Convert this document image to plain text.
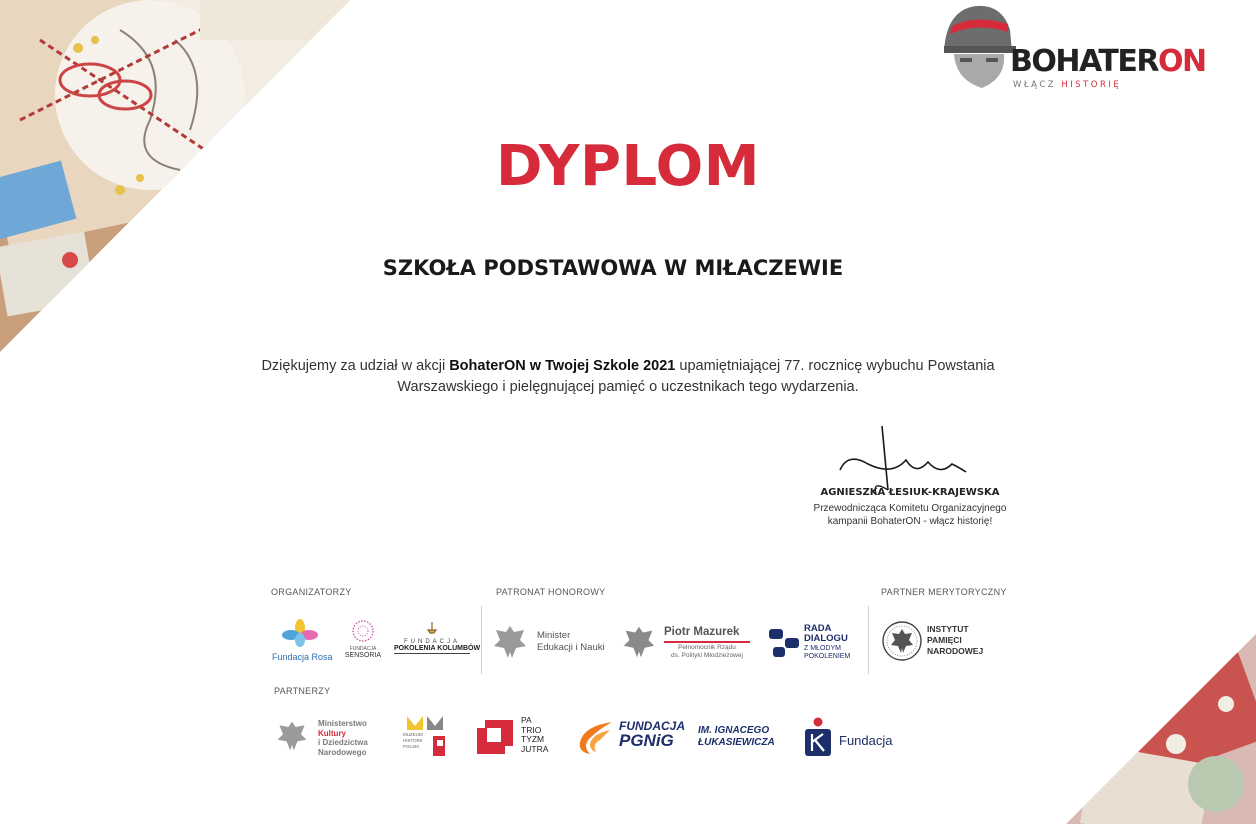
BOHATERON
WŁĄCZ HISTORIĘ
DYPLOM
SZKOŁA PODSTAWOWA W MIŁACZEWIE
Dziękujemy za udział w akcji BohaterON w Twojej Szkole 2021 upamiętniającej 77. rocznicę wybuchu Powstania Warszawskiego i pielęgnującej pamięć o uczestnikach tego wydarzenia.
AGNIESZKA ŁESIUK-KRAJEWSKA
Przewodnicząca Komitetu Organizacyjnego
kampanii BohaterON - włącz historię!
ORGANIZATORZY	PATRONAT HONOROWY	PARTNER MERYTORYCZNY
PARTNERZY
Fundacja Rosa
FUNDACJA
SENSORIA
FUNDACJA
POKOLENIA KOLUMBÓW
Minister
Edukacji i Nauki
Piotr Mazurek
Pełnomocnik Rządu
ds. Polityki Młodzieżowej
RADA
DIALOGU
Z MŁODYM
POKOLENIEM
INSTYTUT
PAMIĘCI
NARODOWEJ
Ministerstwo
Kultury
i Dziedzictwa
Narodowego
MUZEUM
HISTORII
POLSKI
PA
TRIO
TYZM
JUTRA
FUNDACJA
PGNiG
IM. IGNACEGO
ŁUKASIEWICZA	Fundacja
